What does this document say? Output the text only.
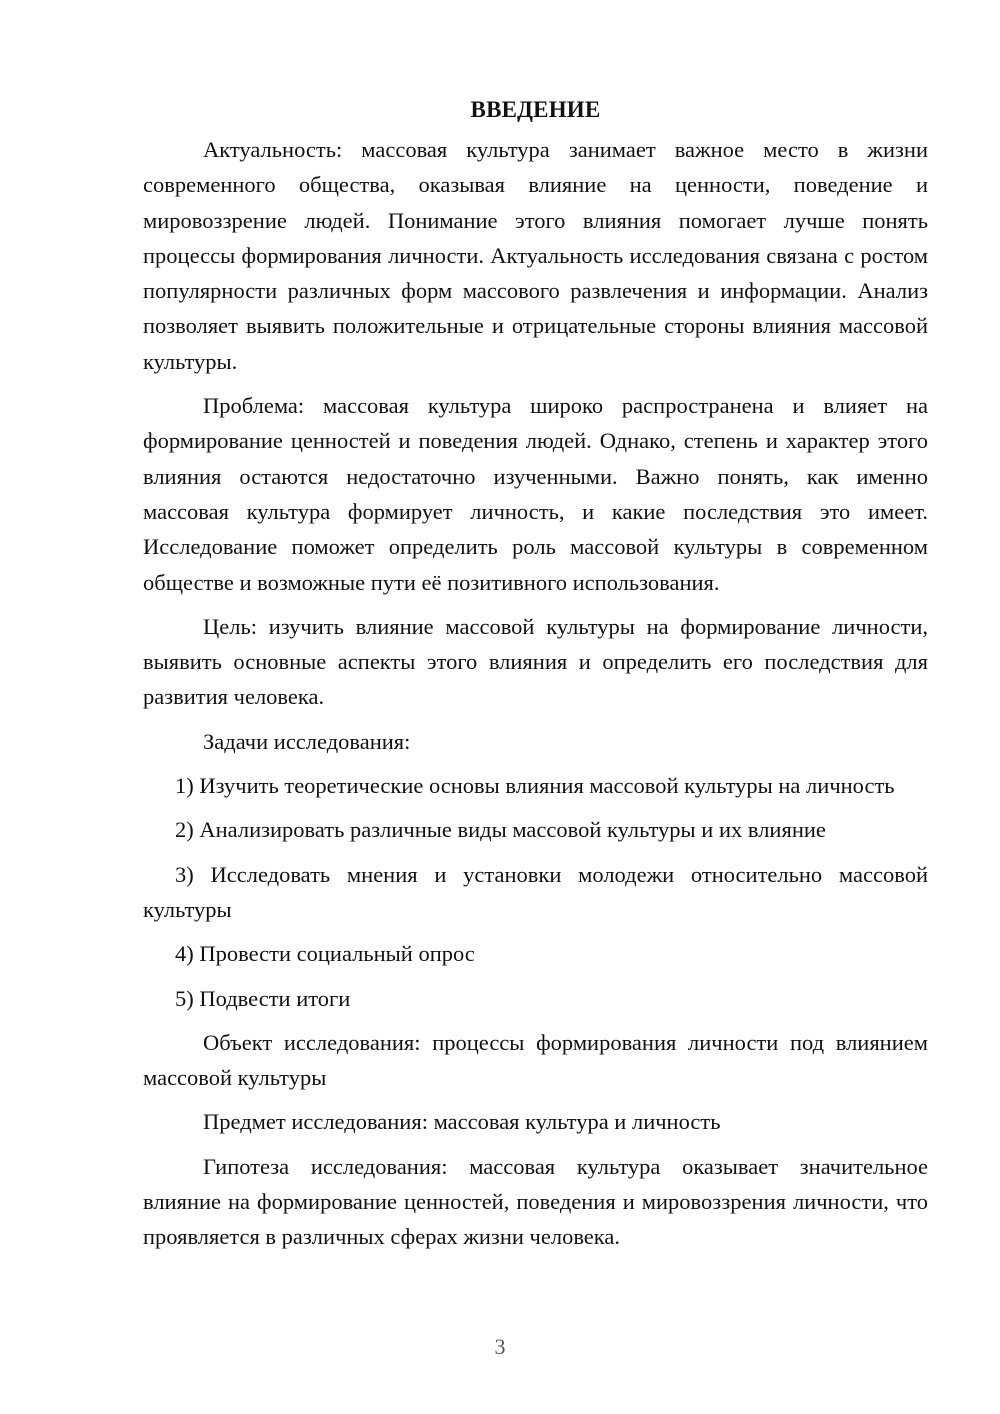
ВВЕДЕНИЕ

Актуальность: массовая культура занимает важное место в жизни современного общества, оказывая влияние на ценности, поведение и мировоззрение людей. Понимание этого влияния помогает лучше понять процессы формирования личности. Актуальность исследования связана с ростом популярности различных форм массового развлечения и информации. Анализ позволяет выявить положительные и отрицательные стороны влияния массовой культуры.

Проблема: массовая культура широко распространена и влияет на формирование ценностей и поведения людей. Однако, степень и характер этого влияния остаются недостаточно изученными. Важно понять, как именно массовая культура формирует личность, и какие последствия это имеет. Исследование поможет определить роль массовой культуры в современном обществе и возможные пути её позитивного использования.

Цель: изучить влияние массовой культуры на формирование личности, выявить основные аспекты этого влияния и определить его последствия для развития человека.

Задачи исследования:

1) Изучить теоретические основы влияния массовой культуры на личность

2) Анализировать различные виды массовой культуры и их влияние

3) Исследовать мнения и установки молодежи относительно массовой культуры

4) Провести социальный опрос

5) Подвести итоги

Объект исследования: процессы формирования личности под влиянием массовой культуры

Предмет исследования: массовая культура и личность

Гипотеза исследования: массовая культура оказывает значительное влияние на формирование ценностей, поведения и мировоззрения личности, что проявляется в различных сферах жизни человека.

3
